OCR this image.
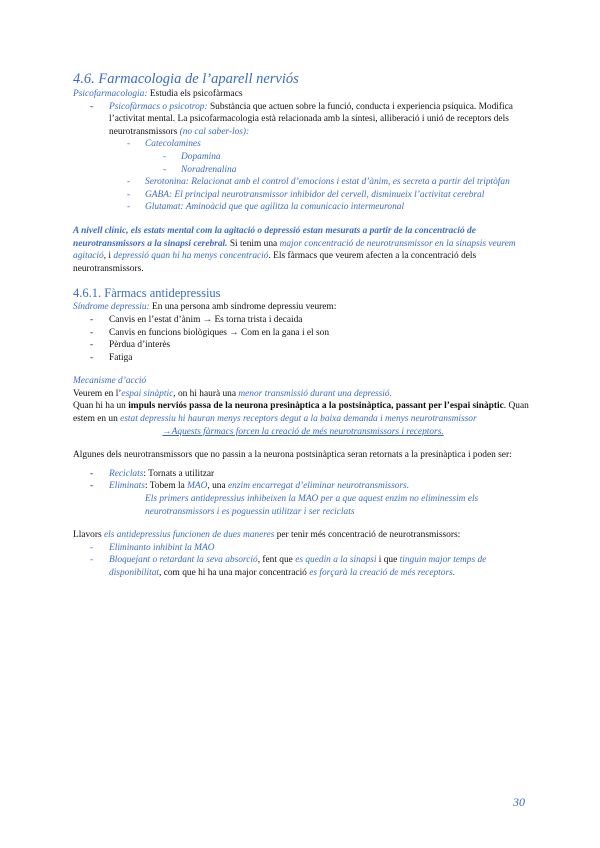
4.6. Farmacologia de l’aparell nerviós

Psicofarmacologia: Estudia els psicofàrmacs

- Psicofàrmacs o psicotrop: Substància que actuen sobre la funció, conducta i experiencia psíquica. Modifica l’activitat mental. La psicofarmacologia està relacionada amb la síntesi, alliberació i unió de receptors dels neurotransmissors (no cal saber-los):
- Catecolamines
- Dopamina
- Noradrenalina
- Serotonina: Relacionat amb el control d’emocions i estat d’ànim, es secreta a partir del triptòfan
- GABA: El principal neurotransmissor inhibidor del cervell, disminueix l’activitat cerebral
- Glutamat: Aminoàcid que que agilitza la comunicacio intermeuronal

A nivell clínic, els estats mental com la agitació o depressió estan mesurats a partir de la concentració de neurotransmissors a la sinapsi cerebral. Si tenim una major concentració de neurotransmissor en la sinapsis veurem agitació, i depressió quan hi ha menys concentració. Els fàrmacs que veurem afecten a la concentració dels neurotransmissors.

4.6.1. Fàrmacs antidepressius

Síndrome depressiu: En una persona amb síndrome depressiu veurem:

- Canvis en l’estat d’ànim → Es torna trista i decaida
- Canvis en funcions biològiques → Com en la gana i el son
- Pèrdua d’interès
- Fatiga

Mecanisme d’acció

Veurem en l’espai sinàptic, on hi haurà una menor transmissió durant una depressió.

Quan hi ha un impuls nerviós passa de la neurona presinàptica a la postsinàptica, passant per l’espai sinàptic. Quan estem en un estat depressiu hi hauran menys receptors degut a la baixa demanda i menys neurotransmissor

→Aquests fàrmacs forcen la creació de més neurotransmissors i receptors.

Algunes dels neurotransmissors que no passin a la neurona postsinàptica seran retornats a la presinàptica i poden ser:

- Reciclats: Tornats a utilitzar
- Eliminats: Tobem la MAO, una enzim encarregat d’eliminar neurotransmissors.
Els primers antidepressius inhibeixen la MAO per a que aquest enzim no eliminessim els neurotransmissors i es poguessin utilitzar i ser reciclats

Llavors els antidepressius funcionen de dues maneres per tenir més concentració de neurotransmissors:

- Eliminanto inhibint la MAO
- Bloquejant o retardant la seva absorció, fent que es quedin a la sinapsi i que tinguin major temps de disponibilitat, com que hi ha una major concentració es forçarà la creació de més receptors.
30
